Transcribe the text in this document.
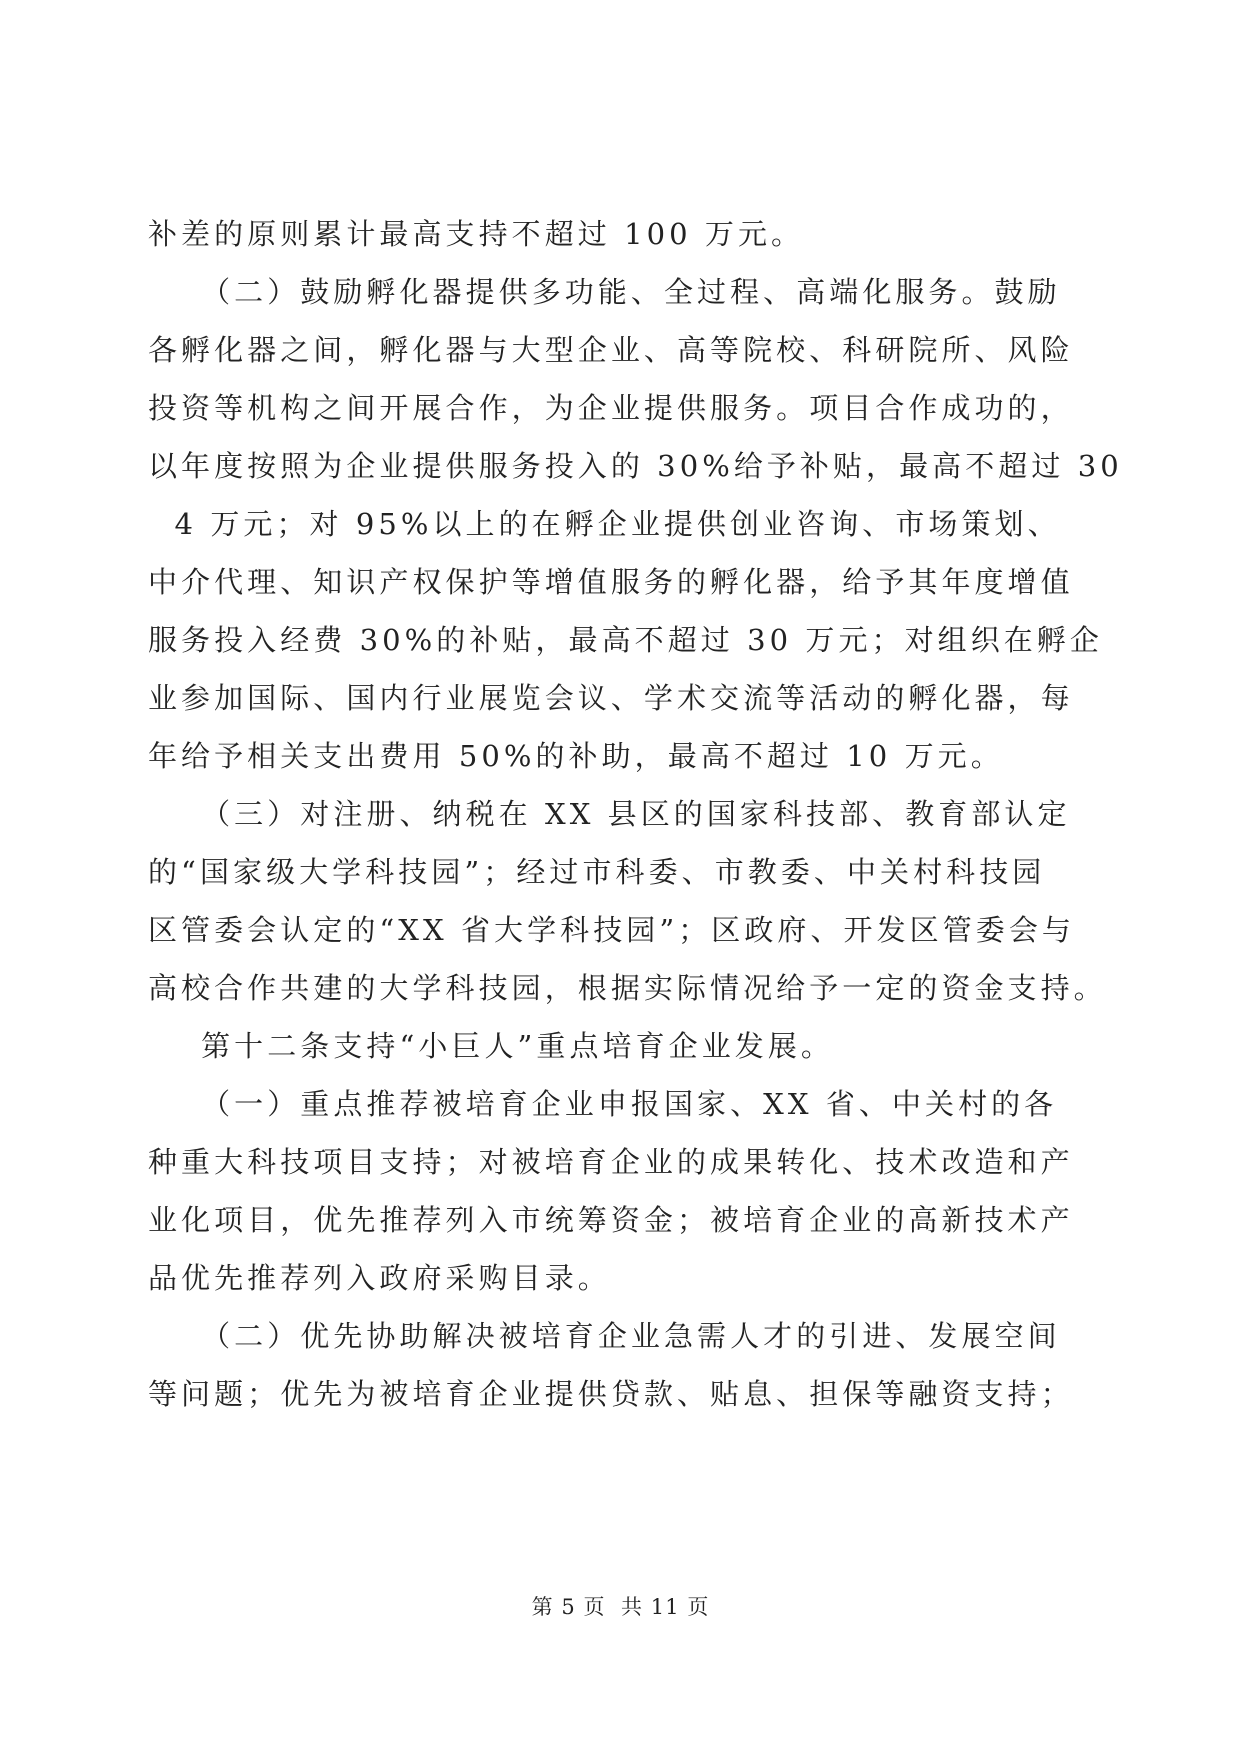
补差的原则累计最高支持不超过 100 万元。
（二）鼓励孵化器提供多功能、全过程、高端化服务。鼓励
各孵化器之间，孵化器与大型企业、高等院校、科研院所、风险
投资等机构之间开展合作，为企业提供服务。项目合作成功的，
以年度按照为企业提供服务投入的 30%给予补贴，最高不超过 30
4 万元；对 95%以上的在孵企业提供创业咨询、市场策划、
中介代理、知识产权保护等增值服务的孵化器，给予其年度增值
服务投入经费 30%的补贴，最高不超过 30 万元；对组织在孵企
业参加国际、国内行业展览会议、学术交流等活动的孵化器，每
年给予相关支出费用 50%的补助，最高不超过 10 万元。
（三）对注册、纳税在 XX 县区的国家科技部、教育部认定
的“国家级大学科技园”；经过市科委、市教委、中关村科技园
区管委会认定的“XX 省大学科技园”；区政府、开发区管委会与
高校合作共建的大学科技园，根据实际情况给予一定的资金支持。
第十二条支持“小巨人”重点培育企业发展。
（一）重点推荐被培育企业申报国家、XX 省、中关村的各
种重大科技项目支持；对被培育企业的成果转化、技术改造和产
业化项目，优先推荐列入市统筹资金；被培育企业的高新技术产
品优先推荐列入政府采购目录。
（二）优先协助解决被培育企业急需人才的引进、发展空间
等问题；优先为被培育企业提供贷款、贴息、担保等融资支持；
第 5 页  共 11 页
